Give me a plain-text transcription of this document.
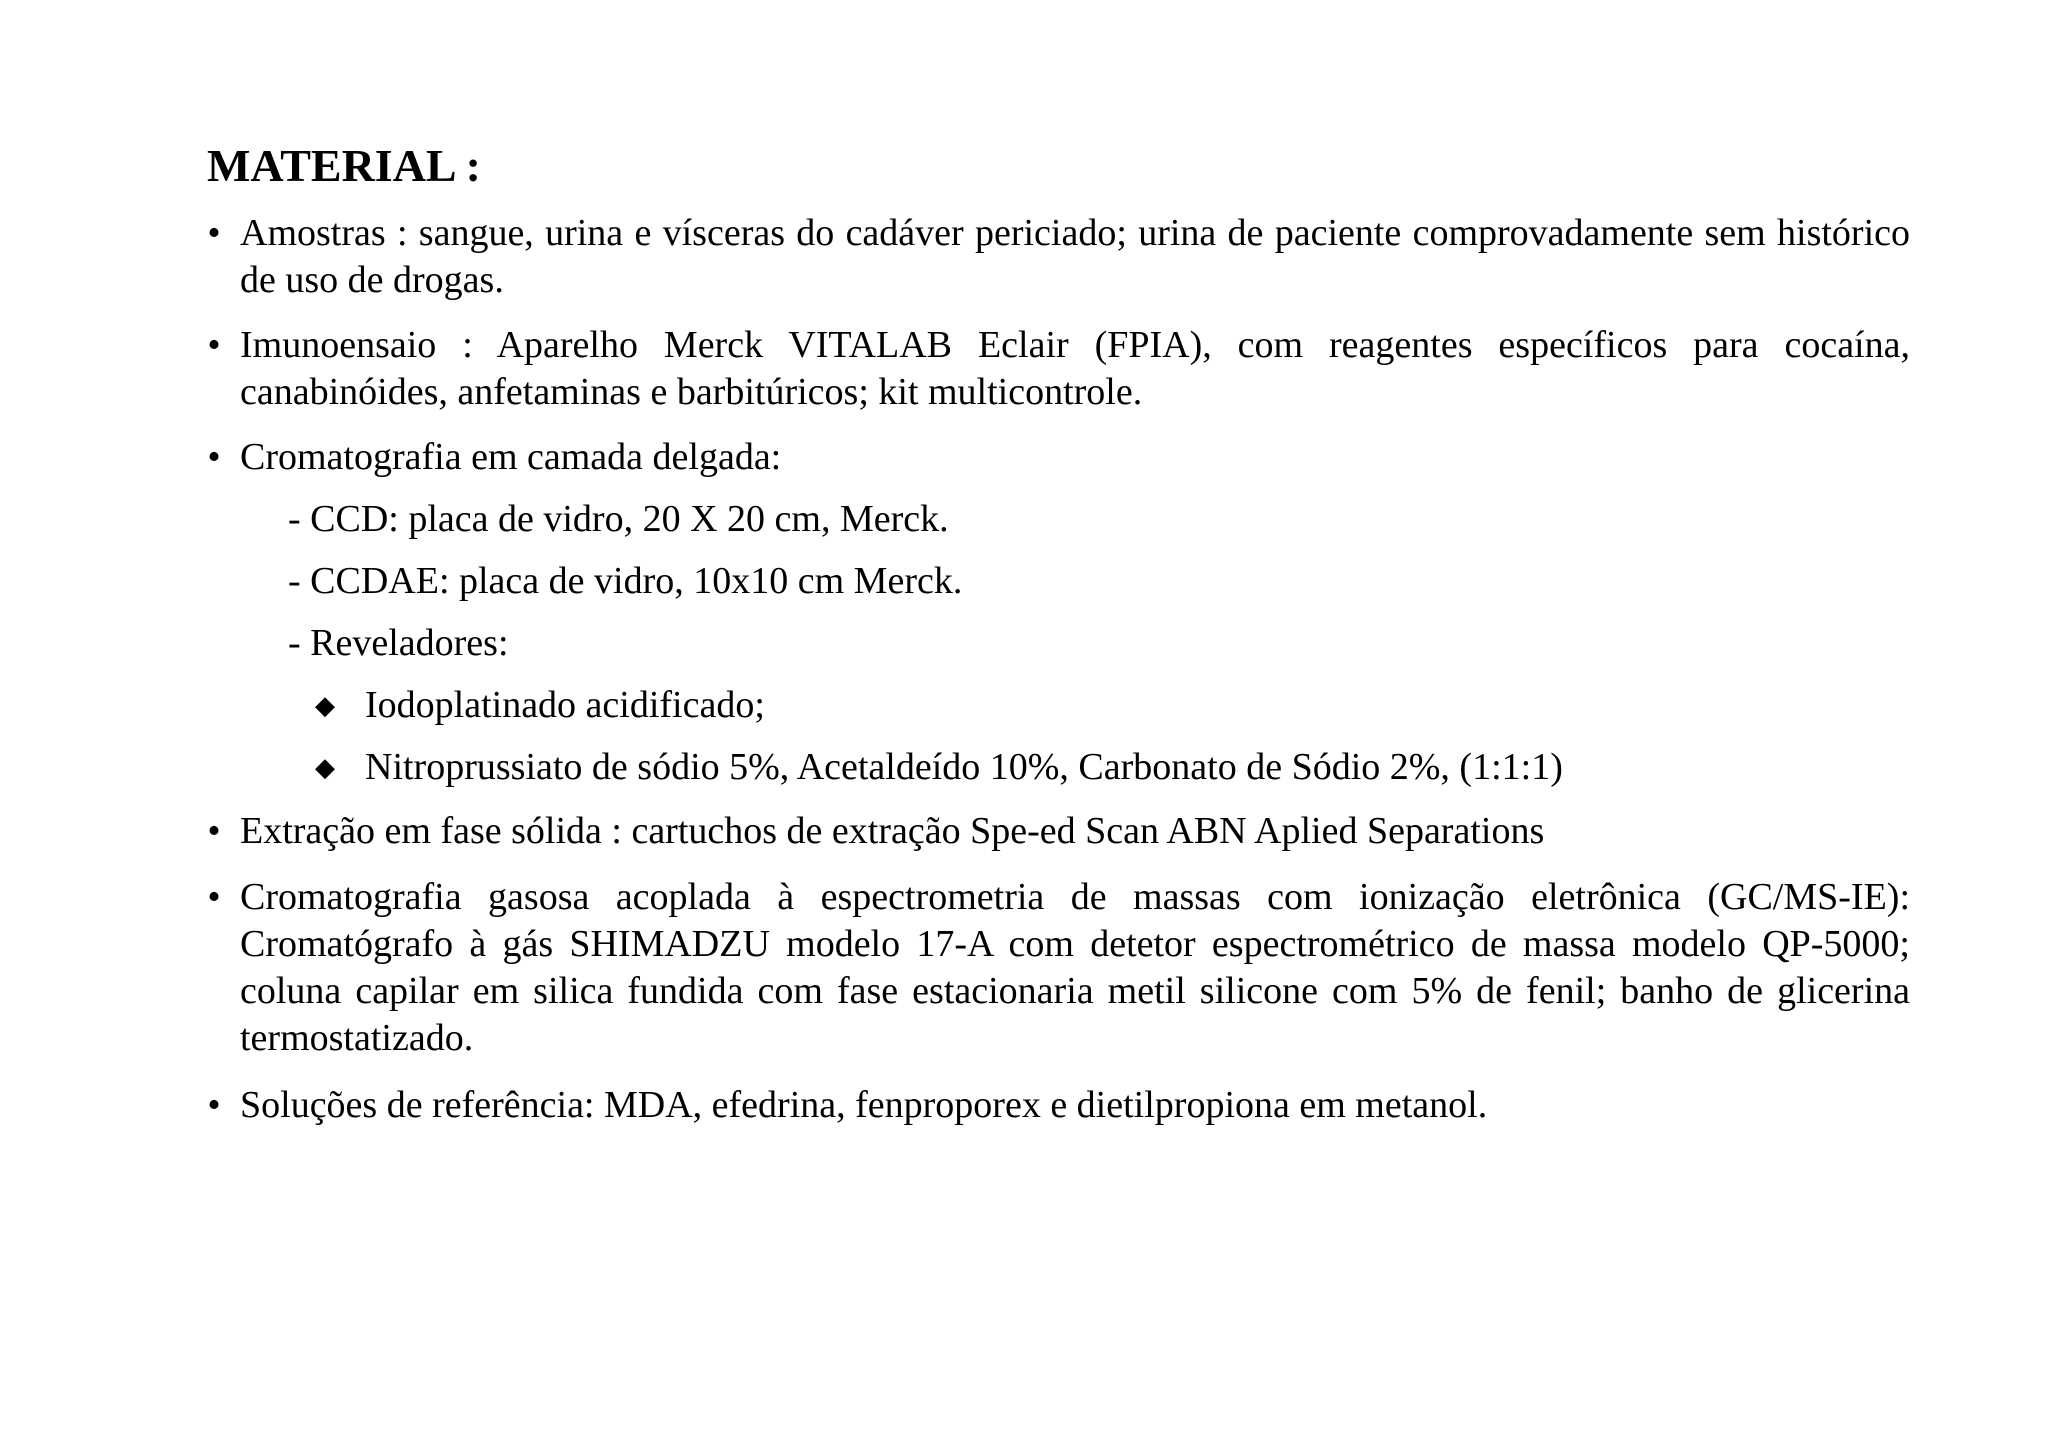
MATERIAL :
• Amostras : sangue, urina e vísceras do cadáver periciado; urina de paciente comprovadamente sem histórico de uso de drogas.
• Imunoensaio : Aparelho Merck VITALAB Eclair (FPIA), com reagentes específicos para cocaína, canabinóides, anfetaminas e barbitúricos; kit multicontrole.
• Cromatografia em camada delgada:
- CCD: placa de vidro, 20 X 20 cm, Merck.
- CCDAE: placa de vidro, 10x10 cm Merck.
- Reveladores:
◆ Iodoplatinado acidificado;
◆ Nitroprussiato de sódio 5%, Acetaldeído 10%, Carbonato de Sódio 2%, (1:1:1)
• Extração em fase sólida : cartuchos de extração Spe-ed Scan ABN Aplied Separations
• Cromatografia gasosa acoplada à espectrometria de massas com ionização eletrônica (GC/MS-IE): Cromatógrafo à gás SHIMADZU modelo 17-A com detetor espectrométrico de massa modelo QP-5000; coluna capilar em silica fundida com fase estacionaria metil silicone com 5% de fenil; banho de glicerina termostatizado.
• Soluções de referência: MDA, efedrina, fenproporex e dietilpropiona em metanol.
